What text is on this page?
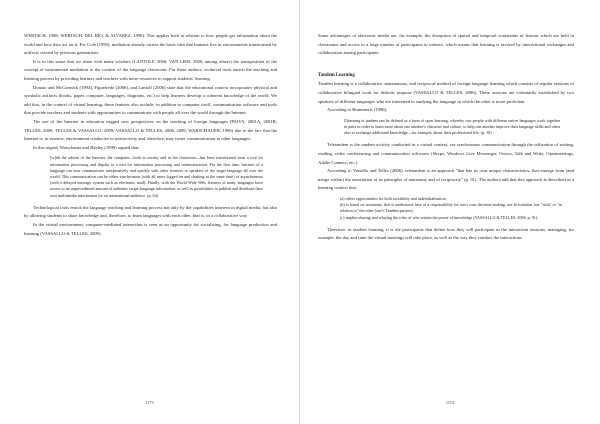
WERTSCH, 1998; WERTSCH, DEL RÍO, & ALVAREZ, 1998). This applies both in relation to how people get information about the world and how they act on it. For Cole (1990), mediation already carries the basic idea that humans live in environments transformed by artifacts created by previous generations.

It is in this sense that we share with many scholars (LANTOLF, 2006; VAN LIER, 2000, among others) the transposition of the concept of instrumental mediation to the context of the language classroom. For these authors, technical tools enrich the teaching and learning process by providing learners and teachers with more resources to support students' learning.

Donato and McCormick (1994), Figueiredo (2006), and Lantolf (2006) state that the educational context incorporates physical and symbolic artifacts (books, paper, computer, languages, diagrams, etc.) to help learners develop a coherent knowledge of the world. We add that, in the context of virtual learning, these features also include, in addition to computer itself, communication software and tools that provide teachers and students with opportunities to communicate with people all over the world through the Internet.

The use of the Internet in education trigged new perspectives on the teaching of foreign languages (PAIVA, 2001A, 2001B; TELLES, 2009; TELLES & VASSALLO, 2009; VASSALLO & TELLES, 2006, 2009; WARSCHAUER, 1996) due to the fact that the Internet is, in essence, environment conducive to interactivity and, therefore, may foster communication in other languages.

In this regard, Warschauer and Healey (1998) argued that:

[w]ith the advent of the Internet, the computer—both in society and in the classroom—has been transformed from a tool for information processing and display to a tool for information processing and communication. For the first time, learners of a language can now communicate inexpensively and quickly with other learners or speakers of the target language all over the world. This communication can be either synchronous (with all users logged on and chatting at the same time) or asynchronous (with a delayed message system such as electronic mail). Finally, with the World Wide Web, learners of many languages have access to an unprecedented amount of authentic target-language information, as well as possibilities to publish and distribute their own multimedia information for an international audience. (p. 64)

Technological tools enrich the language teaching and learning process not only by the capabilities inherent in digital media, but also by allowing students to share knowledge and, therefore, to learn languages with each other, that is, in a collaborative way.

In the virtual environment, computer-mediated interaction is seen as an opportunity for socializing, for language production and learning (VASSALLO & TELLES, 2009).

1173

Some advantages of electronic media are, for example, the disruption of spatial and temporal constraints of lessons which are held in classrooms and access to a large number of participants to interact, which means that learning is favored by interactional exchanges and collaboration among participants.

Tandem Learning

Tandem learning is a collaborative, autonomous, and reciprocal method of foreign language learning which consists of regular sessions of collaborative bilingual work for didactic purpose (VASSALLO & TELLES, 2006). These sessions are voluntarily established by two speakers of different languages who are interested in studying the language in which the other is more proficient.

According to Brammerts (1996),

[l]earning in tandem can be defined as a form of open learning, whereby two people with different native languages work together in pairs in order to learn more about one another's character and culture, to help one another improve their language skills and often also to exchange additional knowledge—for example, about their professional life. (p. 10)

Teletandem is the tandem activity conducted in a virtual context, via synchronous communication through the utilization of writing, reading, video conferencing and communication softwares (Skype, Windows Live Messenger, Oovoo, Talk and Write, Openmeetings, Adobe Connect, etc.).

According to Vassallo and Telles (2006), teletandem is an approach "that has its own unique characteristics, that emerge from (and merge within) the association of its principles of autonomy and of reciprocity" (p. 91). The authors add that this approach is described as a learning context that:

(a) offers opportunities for both sociability and individualization;

(b) is based on autonomy, that is understood here as a responsibility for one's own decision-making, not in isolation, but "with" or "in relation to" the other (one's Tandem partner);

(c) implies sharing and relaying the roles of who retains the power of knowledge (VASSALLO & TELLES, 2006, p. 91).

Therefore, in tandem learning, it is the participants that define how they will participate in the interaction sessions, managing, for example, the day and time the virtual meetings will take place, as well as the way they conduct the interactions.

1174
